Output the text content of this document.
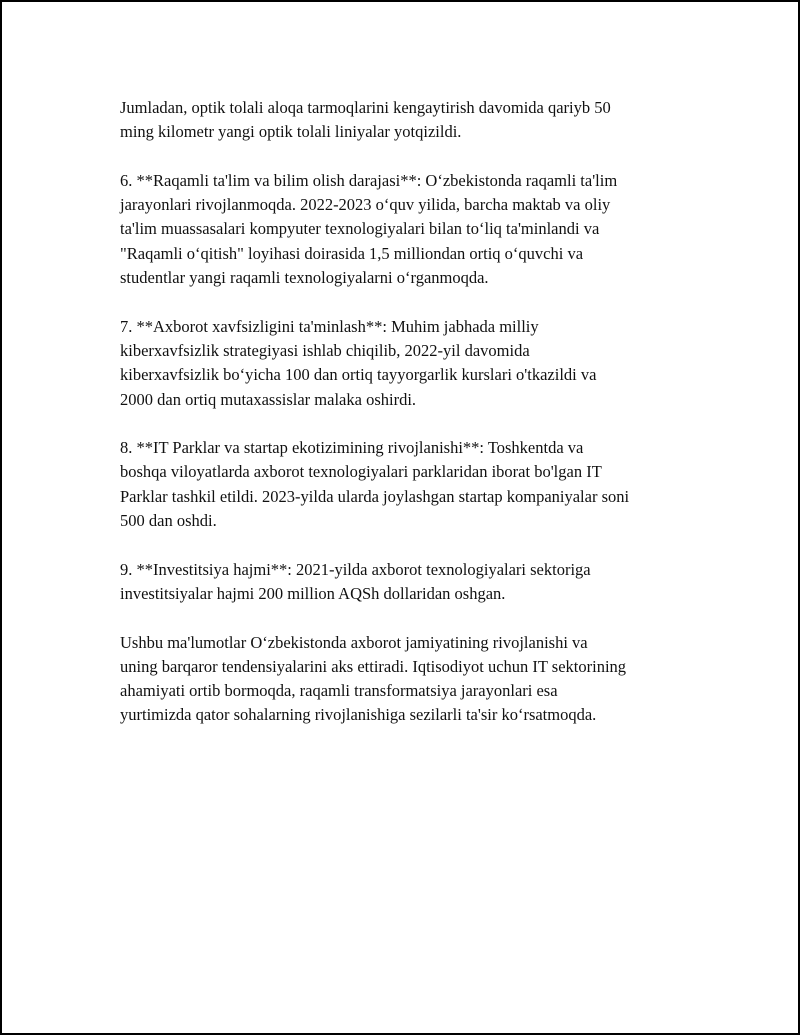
Jumladan, optik tolali aloqa tarmoqlarini kengaytirish davomida qariyb 50
ming kilometr yangi optik tolali liniyalar yotqizildi.

6. **Raqamli ta'lim va bilim olish darajasi**: O‘zbekistonda raqamli ta'lim
jarayonlari rivojlanmoqda. 2022-2023 o‘quv yilida, barcha maktab va oliy
ta'lim muassasalari kompyuter texnologiyalari bilan to‘liq ta'minlandi va
"Raqamli o‘qitish" loyihasi doirasida 1,5 milliondan ortiq o‘quvchi va
studentlar yangi raqamli texnologiyalarni o‘rganmoqda.

7. **Axborot xavfsizligini ta'minlash**: Muhim jabhada milliy
kiberxavfsizlik strategiyasi ishlab chiqilib, 2022-yil davomida
kiberxavfsizlik bo‘yicha 100 dan ortiq tayyorgarlik kurslari o'tkazildi va
2000 dan ortiq mutaxassislar malaka oshirdi.

8. **IT Parklar va startap ekotizimining rivojlanishi**: Toshkentda va
boshqa viloyatlarda axborot texnologiyalari parklaridan iborat bo'lgan IT
Parklar tashkil etildi. 2023-yilda ularda joylashgan startap kompaniyalar soni
500 dan oshdi.

9. **Investitsiya hajmi**: 2021-yilda axborot texnologiyalari sektoriga
investitsiyalar hajmi 200 million AQSh dollaridan oshgan.

Ushbu ma'lumotlar O‘zbekistonda axborot jamiyatining rivojlanishi va
uning barqaror tendensiyalarini aks ettiradi. Iqtisodiyot uchun IT sektorining
ahamiyati ortib bormoqda, raqamli transformatsiya jarayonlari esa
yurtimizda qator sohalarning rivojlanishiga sezilarli ta'sir ko‘rsatmoqda.
